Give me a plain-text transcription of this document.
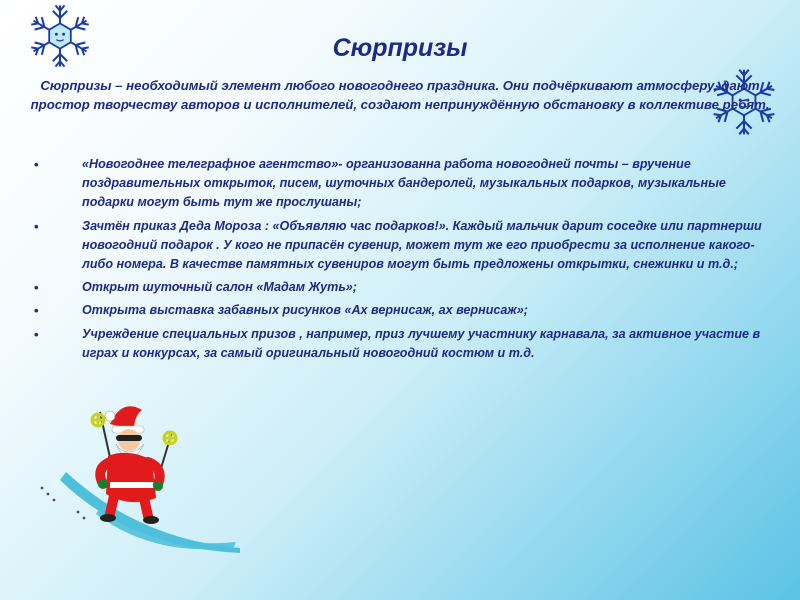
Сюрпризы
Сюрпризы – необходимый элемент любого новогоднего праздника. Они подчёркивают атмосферу, дают простор творчеству авторов и исполнителей, создают непринуждённую обстановку в коллективе ребят.
•	«Новогоднее телеграфное агентство»- организованна работа новогодней почты – вручение поздравительных открыток, писем, шуточных бандеролей, музыкальных подарков, музыкальные подарки могут быть тут же прослушаны;
•	Зачтён приказ Деда Мороза : «Объявляю час подарков!». Каждый мальчик дарит соседке или партнерши новогодний подарок . У кого не припасён сувенир, может тут же его приобрести за исполнение какого- либо номера. В качестве памятных сувениров могут быть предложены открытки, снежинки и т.д.;
•	Открыт шуточный салон «Мадам Жуть»;
•	Открыта выставка забавных рисунков «Ах вернисаж, ах вернисаж»;
•	Учреждение специальных призов , например, приз лучшему участнику карнавала, за активное участие в играх и конкурсах, за самый оригинальный новогодний костюм и т.д.
